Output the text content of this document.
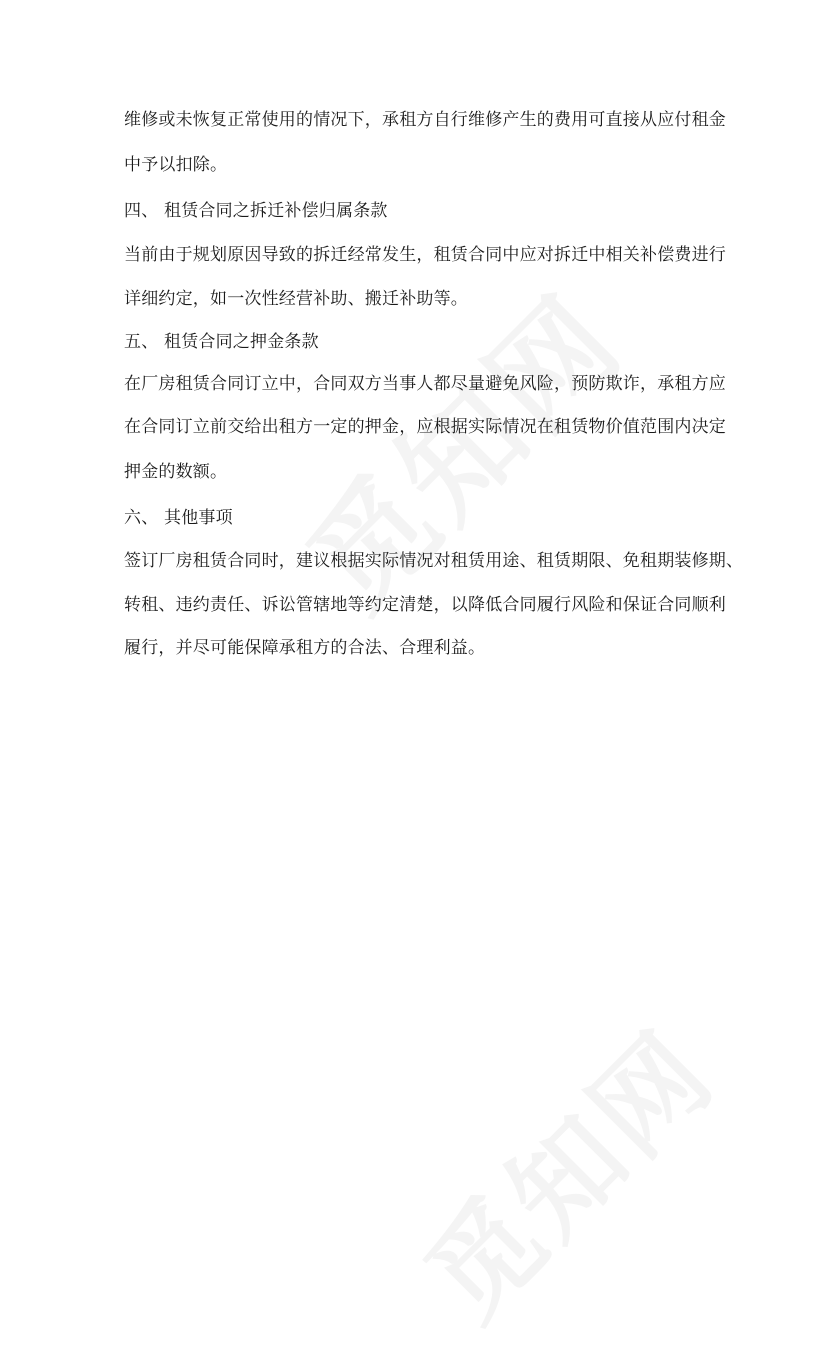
维修或未恢复正常使用的情况下，承租方自行维修产生的费用可直接从应付租金
中予以扣除。
四、 租赁合同之拆迁补偿归属条款
当前由于规划原因导致的拆迁经常发生，租赁合同中应对拆迁中相关补偿费进行
详细约定，如一次性经营补助、搬迁补助等。
五、 租赁合同之押金条款
在厂房租赁合同订立中，合同双方当事人都尽量避免风险，预防欺诈，承租方应
在合同订立前交给出租方一定的押金，应根据实际情况在租赁物价值范围内决定
押金的数额。
六、 其他事项
签订厂房租赁合同时，建议根据实际情况对租赁用途、租赁期限、免租期装修期、
转租、违约责任、诉讼管辖地等约定清楚，以降低合同履行风险和保证合同顺利
履行，并尽可能保障承租方的合法、合理利益。
